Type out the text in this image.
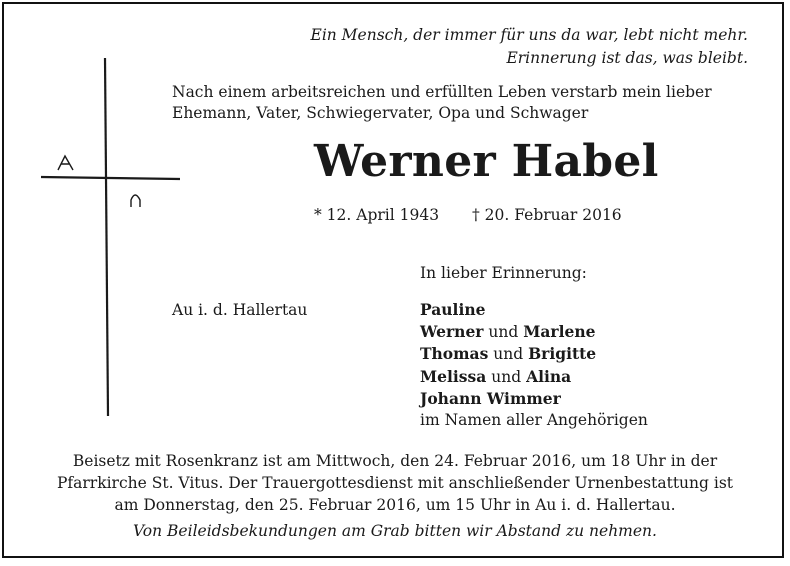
Ein Mensch, der immer für uns da war, lebt nicht mehr.
Erinnerung ist das, was bleibt.
Nach einem arbeitsreichen und erfüllten Leben verstarb mein lieber
Ehemann, Vater, Schwiegervater, Opa und Schwager
Werner Habel
* 12. April 1943 † 20. Februar 2016
In lieber Erinnerung:
Au i. d. Hallertau	Pauline
Werner und Marlene
Thomas und Brigitte
Melissa und Alina
Johann Wimmer
im Namen aller Angehörigen
Beisetz mit Rosenkranz ist am Mittwoch, den 24. Februar 2016, um 18 Uhr in der
Pfarrkirche St. Vitus. Der Trauergottesdienst mit anschließender Urnenbestattung ist
am Donnerstag, den 25. Februar 2016, um 15 Uhr in Au i. d. Hallertau.
Von Beileidsbekundungen am Grab bitten wir Abstand zu nehmen.
